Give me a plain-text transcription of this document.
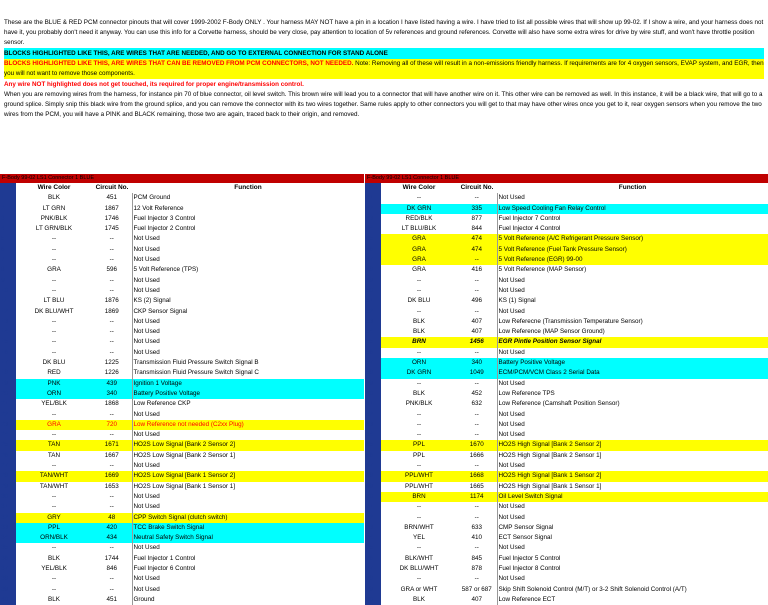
These are the BLUE & RED PCM connector pinouts that will cover 1999-2002 F-Body ONLY . Your harness MAY NOT have a pin in a location I have listed having a wire. I have tried to list all possible wires that will show up 99-02. If I show a wire, and your harness does not have it, you probably don't need it anyway. You can use this info for a Corvette harness, should be very close, pay attention to location of 5v references and ground references. Corvette will also have some extra wires for drive by wire stuff, and won't have throttle position sensor.

BLOCKS HIGHLIGHTED LIKE THIS, ARE WIRES THAT ARE NEEDED, AND GO TO EXTERNAL CONNECTION FOR STAND ALONE

BLOCKS HIGHLIGHTED LIKE THIS, ARE WIRES THAT CAN BE REMOVED FROM PCM CONNECTORS, NOT NEEDED. Note: Removing all of these will result in a non-emissions friendly harness. If requirements are for 4 oxygen sensors, EVAP system, and EGR, then you will not want to remove those components.

Any wire NOT highlighted does not get touched, its required for proper engine/transmission control.

When you are removing wires from the harness, for instance pin 70 of blue connector, oil level switch. This brown wire will lead you to a connector that will have another wire on it. This other wire can be removed as well. In this instance, it will be a black wire, that will go to a ground splice. Simply snip this black wire from the ground splice, and you can remove the connector with its two wires together. Same rules apply to other connectors you will get to that may have other wires once you get to it, rear oxygen sensors when you remove the two wires from the PCM, you will have a PINK and BLACK remaining, those two are again, traced back to their origin, and removed.

F-Body 99-02 LS1 Connector 1 BLUE			
Pin	Wire Color	Circuit No.	Function
1	BLK	451	PCM Ground
2	LT GRN	1867	12 Volt Reference
3	PNK/BLK	1746	Fuel Injector 3 Control
4	LT GRN/BLK	1745	Fuel Injector 2 Control
5	--	--	Not Used
6	--	--	Not Used
7	--	--	Not Used
8	GRA	596	5 Volt Reference (TPS)
9	--	--	Not Used
10	--	--	Not Used
11	LT BLU	1876	KS (2) Signal
12	DK BLU/WHT	1869	CKP Sensor Signal
13	--	--	Not Used
14	--	--	Not Used
15	--	--	Not Used
16	--	--	Not Used
17	DK BLU	1225	Transmission Fluid Pressure Switch Signal B
18	RED	1226	Transmission Fluid Pressure Switch Signal C
19	PNK	439	Ignition 1 Voltage
20	ORN	340	Battery Positive Voltage
21	YEL/BLK	1868	Low Reference CKP
22	--	--	Not Used
23	GRA	720	Low Reference not needed (C2xx Plug)
24	--	--	Not Used
25	TAN	1671	HO2S Low Signal [Bank 2 Sensor 2]
26	TAN	1667	HO2S Low Signal [Bank 2 Sensor 1]
27	--	--	Not Used
28	TAN/WHT	1669	HO2S Low Signal [Bank 1 Sensor 2]
29	TAN/WHT	1653	HO2S Low Signal [Bank 1 Sensor 1]
30	--	--	Not Used
31	--	--	Not Used
32	GRY	48	CPP Switch Signal (clutch switch)
33	PPL	420	TCC Brake Switch Signal
34	ORN/BLK	434	Neutral Safety Switch Signal
35	--	--	Not Used
36	BLK	1744	Fuel Injector 1 Control
37	YEL/BLK	846	Fuel Injector 6 Control
38	--	--	Not Used
39	--	--	Not Used
40	BLK	451	Ground
F-Body 99-02 LS1 Connector 1 BLUE			
Pin	Wire Color	Circuit No.	Function
41	--	--	Not Used
42	DK GRN	335	Low Speed Cooling Fan Relay Control
43	RED/BLK	877	Fuel Injector 7 Control
44	LT BLU/BLK	844	Fuel Injector 4 Control
45	GRA	474	5 Volt Reference (A/C Refrigerant Pressure Sensor)
46	GRA	474	5 Volt Reference (Fuel Tank Pressure Sensor)
47	GRA	--	5 Volt Reference (EGR) 99-00
48	GRA	416	5 Volt Reference (MAP Sensor)
49	--	--	Not Used
50	--	--	Not Used
51	DK BLU	496	KS (1) Signal
52	--	--	Not Used
53	BLK	407	Low Referecne (Transmission Temperature Sensor)
54	BLK	407	Low Reference (MAP Sensor Ground)
55	BRN	1456	EGR Pintle Position Sensor Signal
56	--	--	Not Used
57	ORN	340	Battery Positive Voltage
58	DK GRN	1049	ECM/PCM/VCM Class 2 Serial Data
59	--	--	Not Used
60	BLK	452	Low Reference TPS
61	PNK/BLK	632	Low Reference (Camshaft Position Sensor)
62	--	--	Not Used
63	--	--	Not Used
64	--	--	Not Used
65	PPL	1670	HO2S High Signal [Bank 2 Sensor 2]
66	PPL	1666	HO2S High Signal [Bank 2 Sensor 1]
67	--	--	Not Used
68	PPL/WHT	1668	HO2S High Signal [Bank 1 Sensor 2]
69	PPL/WHT	1665	HO2S High Signal [Bank 1 Sensor 1]
70	BRN	1174	Oil Level Switch Signal
71	--	--	Not Used
72	--	--	Not Used
73	BRN/WHT	633	CMP Sensor Signal
74	YEL	410	ECT Sensor Signal
75	--	--	Not Used
76	BLK/WHT	845	Fuel Injector 5 Control
77	DK BLU/WHT	878	Fuel Injector 8 Control
78	--	--	Not Used
79	GRA or WHT	587 or 687	Skip Shift Solenoid Control (M/T) or 3-2 Shift Solenoid Control (A/T)
80	BLK	407	Low Reference ECT
